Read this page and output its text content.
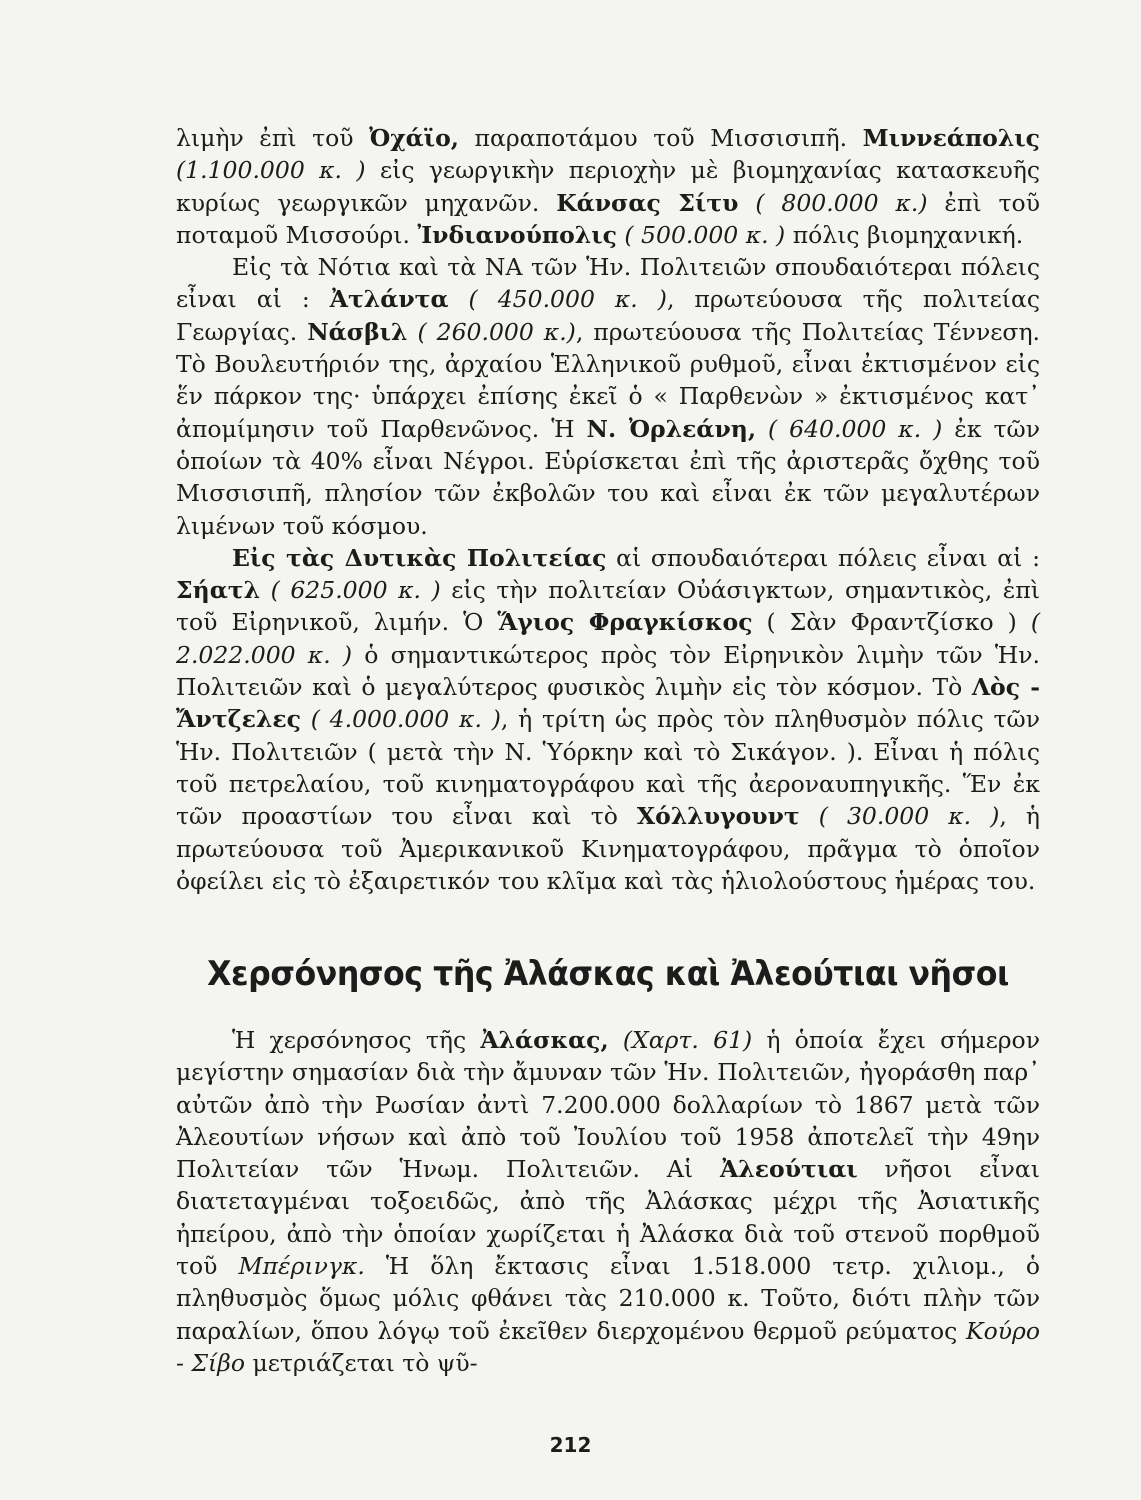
λιμὴν ἐπὶ τοῦ Ὀχάϊο, παραποτάμου τοῦ Μισσισιπῆ. Μιννεάπολις (1.100.000 κ. ) εἰς γεωργικὴν περιοχὴν μὲ βιομηχανίας κατασκευῆς κυρίως γεωργικῶν μηχανῶν. Κάνσας Σίτυ ( 800.000 κ.) ἐπὶ τοῦ ποταμοῦ Μισσούρι. Ἰνδιανούπολις ( 500.000 κ. ) πόλις βιομηχανική.

Εἰς τὰ Νότια καὶ τὰ ΝΑ τῶν Ἡν. Πολιτειῶν σπουδαιότεραι πόλεις εἶναι αἱ : Ἀτλάντα ( 450.000 κ. ), πρωτεύουσα τῆς πολιτείας Γεωργίας. Νάσβιλ ( 260.000 κ.), πρωτεύουσα τῆς Πολιτείας Τέννεση. Τὸ Βουλευτήριόν της, ἀρχαίου Ἑλληνικοῦ ρυθμοῦ, εἶναι ἐκτισμένον εἰς ἕν πάρκον της· ὑπάρχει ἐπίσης ἐκεῖ ὁ « Παρθενὼν » ἐκτισμένος κατ᾽ ἀπομίμησιν τοῦ Παρθενῶνος. Ἡ Ν. Ὀρλεάνη, ( 640.000 κ. ) ἐκ τῶν ὁποίων τὰ 40% εἶναι Νέγροι. Εὑρίσκεται ἐπὶ τῆς ἀριστερᾶς ὄχθης τοῦ Μισσισιπῆ, πλησίον τῶν ἐκβολῶν του καὶ εἶναι ἐκ τῶν μεγαλυτέρων λιμένων τοῦ κόσμου.

Εἰς τὰς Δυτικὰς Πολιτείας αἱ σπουδαιότεραι πόλεις εἶναι αἱ : Σήατλ ( 625.000 κ. ) εἰς τὴν πολιτείαν Οὐάσιγκτων, σημαντικὸς, ἐπὶ τοῦ Εἰρηνικοῦ, λιμήν. Ὁ Ἅγιος Φραγκίσκος ( Σὰν Φραντζίσκο ) ( 2.022.000 κ. ) ὁ σημαντικώτερος πρὸς τὸν Εἰρηνικὸν λιμὴν τῶν Ἡν. Πολιτειῶν καὶ ὁ μεγαλύτερος φυσικὸς λιμὴν εἰς τὸν κόσμον. Τὸ Λὸς - Ἄντζελες ( 4.000.000 κ. ), ἡ τρίτη ὡς πρὸς τὸν πληθυσμὸν πόλις τῶν Ἡν. Πολιτειῶν ( μετὰ τὴν Ν. Ὑόρκην καὶ τὸ Σικάγον. ). Εἶναι ἡ πόλις τοῦ πετρελαίου, τοῦ κινηματογράφου καὶ τῆς ἀεροναυπηγικῆς. Ἕν ἐκ τῶν προαστίων του εἶναι καὶ τὸ Χόλλυγουντ ( 30.000 κ. ), ἡ πρωτεύουσα τοῦ Ἀμερικανικοῦ Κινηματογράφου, πρᾶγμα τὸ ὁποῖον ὀφείλει εἰς τὸ ἐξαιρετικόν του κλῖμα καὶ τὰς ἡλιολούστους ἡμέρας του.

Χερσόνησος τῆς Ἀλάσκας καὶ Ἀλεούτιαι νῆσοι

Ἡ χερσόνησος τῆς Ἀλάσκας, (Χαρτ. 61) ἡ ὁποία ἔχει σήμερον μεγίστην σημασίαν διὰ τὴν ἄμυναν τῶν Ἡν. Πολιτειῶν, ἠγοράσθη παρ᾽ αὐτῶν ἀπὸ τὴν Ρωσίαν ἀντὶ 7.200.000 δολλαρίων τὸ 1867 μετὰ τῶν Ἀλεουτίων νήσων καὶ ἀπὸ τοῦ Ἰουλίου τοῦ 1958 ἀποτελεῖ τὴν 49ην Πολιτείαν τῶν Ἡνωμ. Πολιτειῶν. Αἱ Ἀλεούτιαι νῆσοι εἶναι διατεταγμέναι τοξοειδῶς, ἀπὸ τῆς Ἀλάσκας μέχρι τῆς Ἀσιατικῆς ἠπείρου, ἀπὸ τὴν ὁποίαν χωρίζεται ἡ Ἀλάσκα διὰ τοῦ στενοῦ πορθμοῦ τοῦ Μπέρινγκ. Ἡ ὅλη ἔκτασις εἶναι 1.518.000 τετρ. χιλιομ., ὁ πληθυσμὸς ὅμως μόλις φθάνει τὰς 210.000 κ. Τοῦτο, διότι πλὴν τῶν παραλίων, ὅπου λόγῳ τοῦ ἐκεῖθεν διερχομένου θερμοῦ ρεύματος Κούρο - Σίβο μετριάζεται τὸ ψῦ-

212
